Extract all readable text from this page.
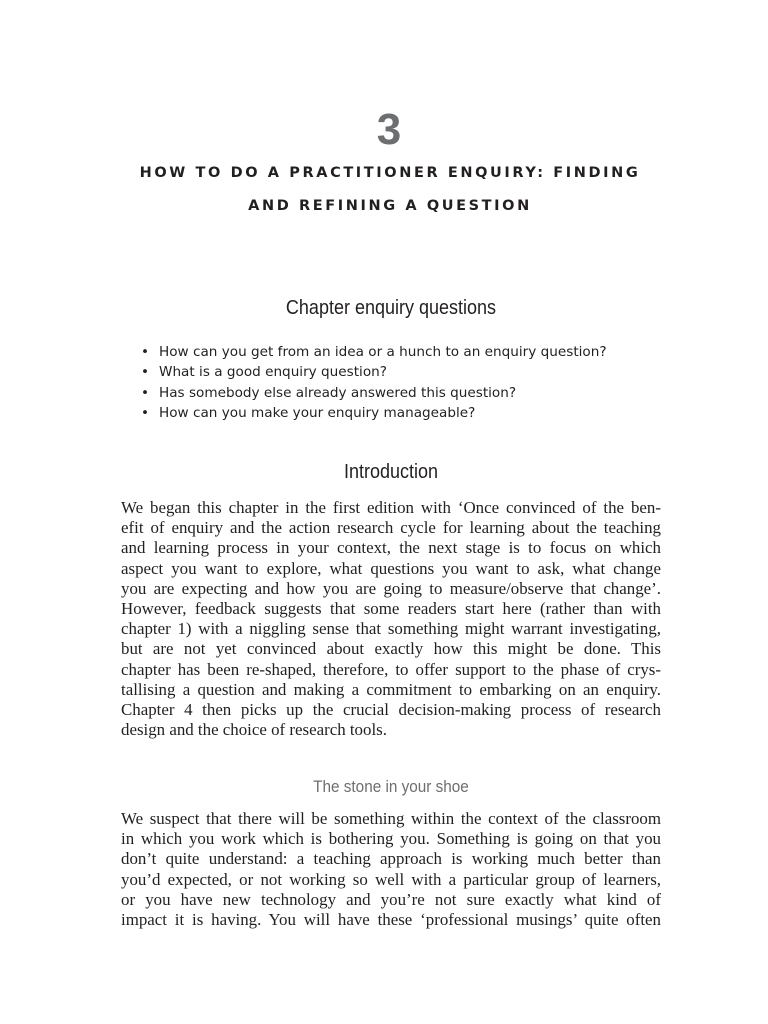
3
HOW TO DO A PRACTITIONER ENQUIRY: FINDING
AND REFINING A QUESTION
Chapter enquiry questions
• How can you get from an idea or a hunch to an enquiry question?
• What is a good enquiry question?
• Has somebody else already answered this question?
• How can you make your enquiry manageable?
Introduction
We began this chapter in the first edition with ‘Once convinced of the ben-
efit of enquiry and the action research cycle for learning about the teaching
and learning process in your context, the next stage is to focus on which
aspect you want to explore, what questions you want to ask, what change
you are expecting and how you are going to measure/observe that change’.
However, feedback suggests that some readers start here (rather than with
chapter 1) with a niggling sense that something might warrant investigating,
but are not yet convinced about exactly how this might be done. This
chapter has been re-shaped, therefore, to offer support to the phase of crys-
tallising a question and making a commitment to embarking on an enquiry.
Chapter 4 then picks up the crucial decision-making process of research
design and the choice of research tools.
The stone in your shoe
We suspect that there will be something within the context of the classroom
in which you work which is bothering you. Something is going on that you
don’t quite understand: a teaching approach is working much better than
you’d expected, or not working so well with a particular group of learners,
or you have new technology and you’re not sure exactly what kind of
impact it is having. You will have these ‘professional musings’ quite often
